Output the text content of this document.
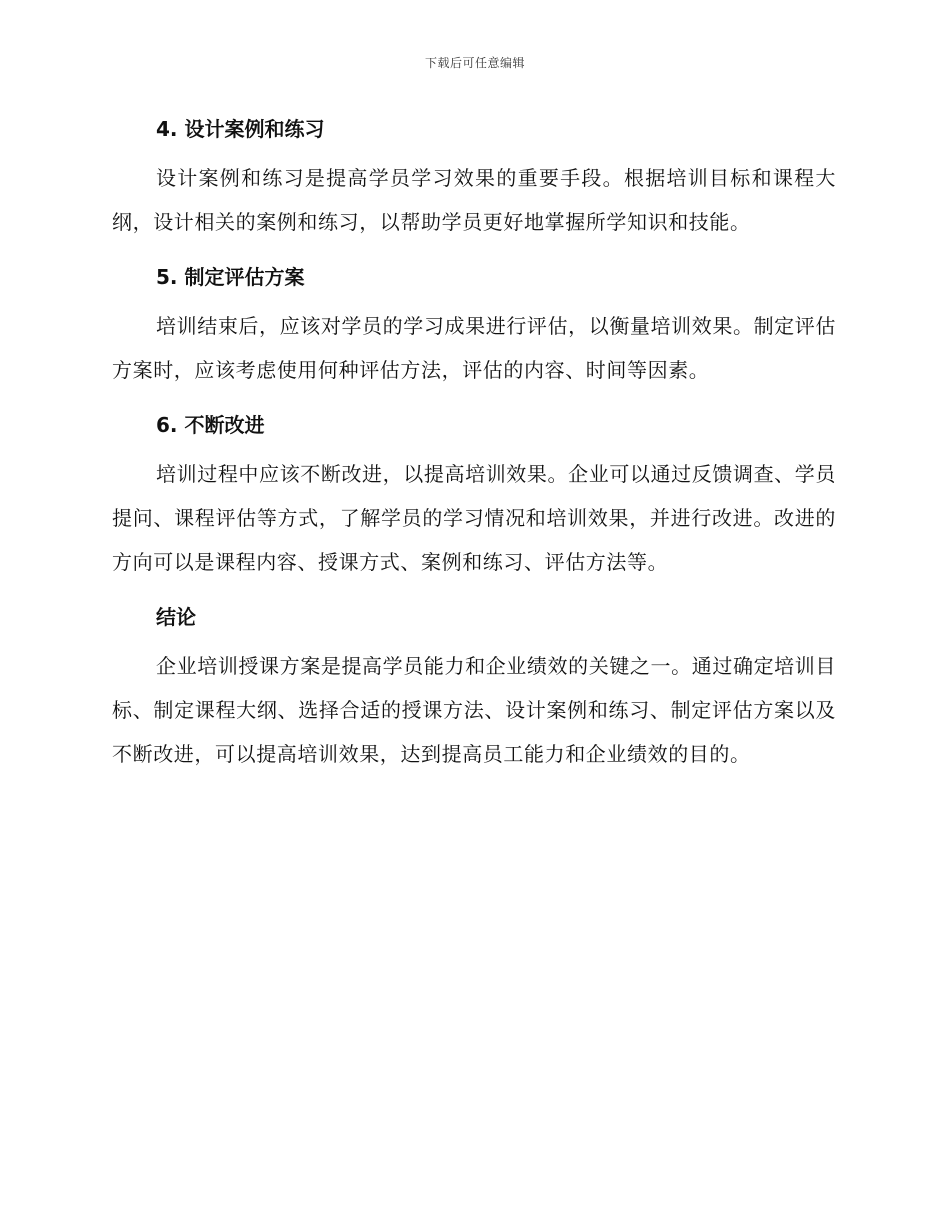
下载后可任意编辑
4. 设计案例和练习

设计案例和练习是提高学员学习效果的重要手段。根据培训目标和课程大纲，设计相关的案例和练习，以帮助学员更好地掌握所学知识和技能。

5. 制定评估方案

培训结束后，应该对学员的学习成果进行评估，以衡量培训效果。制定评估方案时，应该考虑使用何种评估方法，评估的内容、时间等因素。

6. 不断改进

培训过程中应该不断改进，以提高培训效果。企业可以通过反馈调查、学员提问、课程评估等方式，了解学员的学习情况和培训效果，并进行改进。改进的方向可以是课程内容、授课方式、案例和练习、评估方法等。

结论

企业培训授课方案是提高学员能力和企业绩效的关键之一。通过确定培训目标、制定课程大纲、选择合适的授课方法、设计案例和练习、制定评估方案以及不断改进，可以提高培训效果，达到提高员工能力和企业绩效的目的。
